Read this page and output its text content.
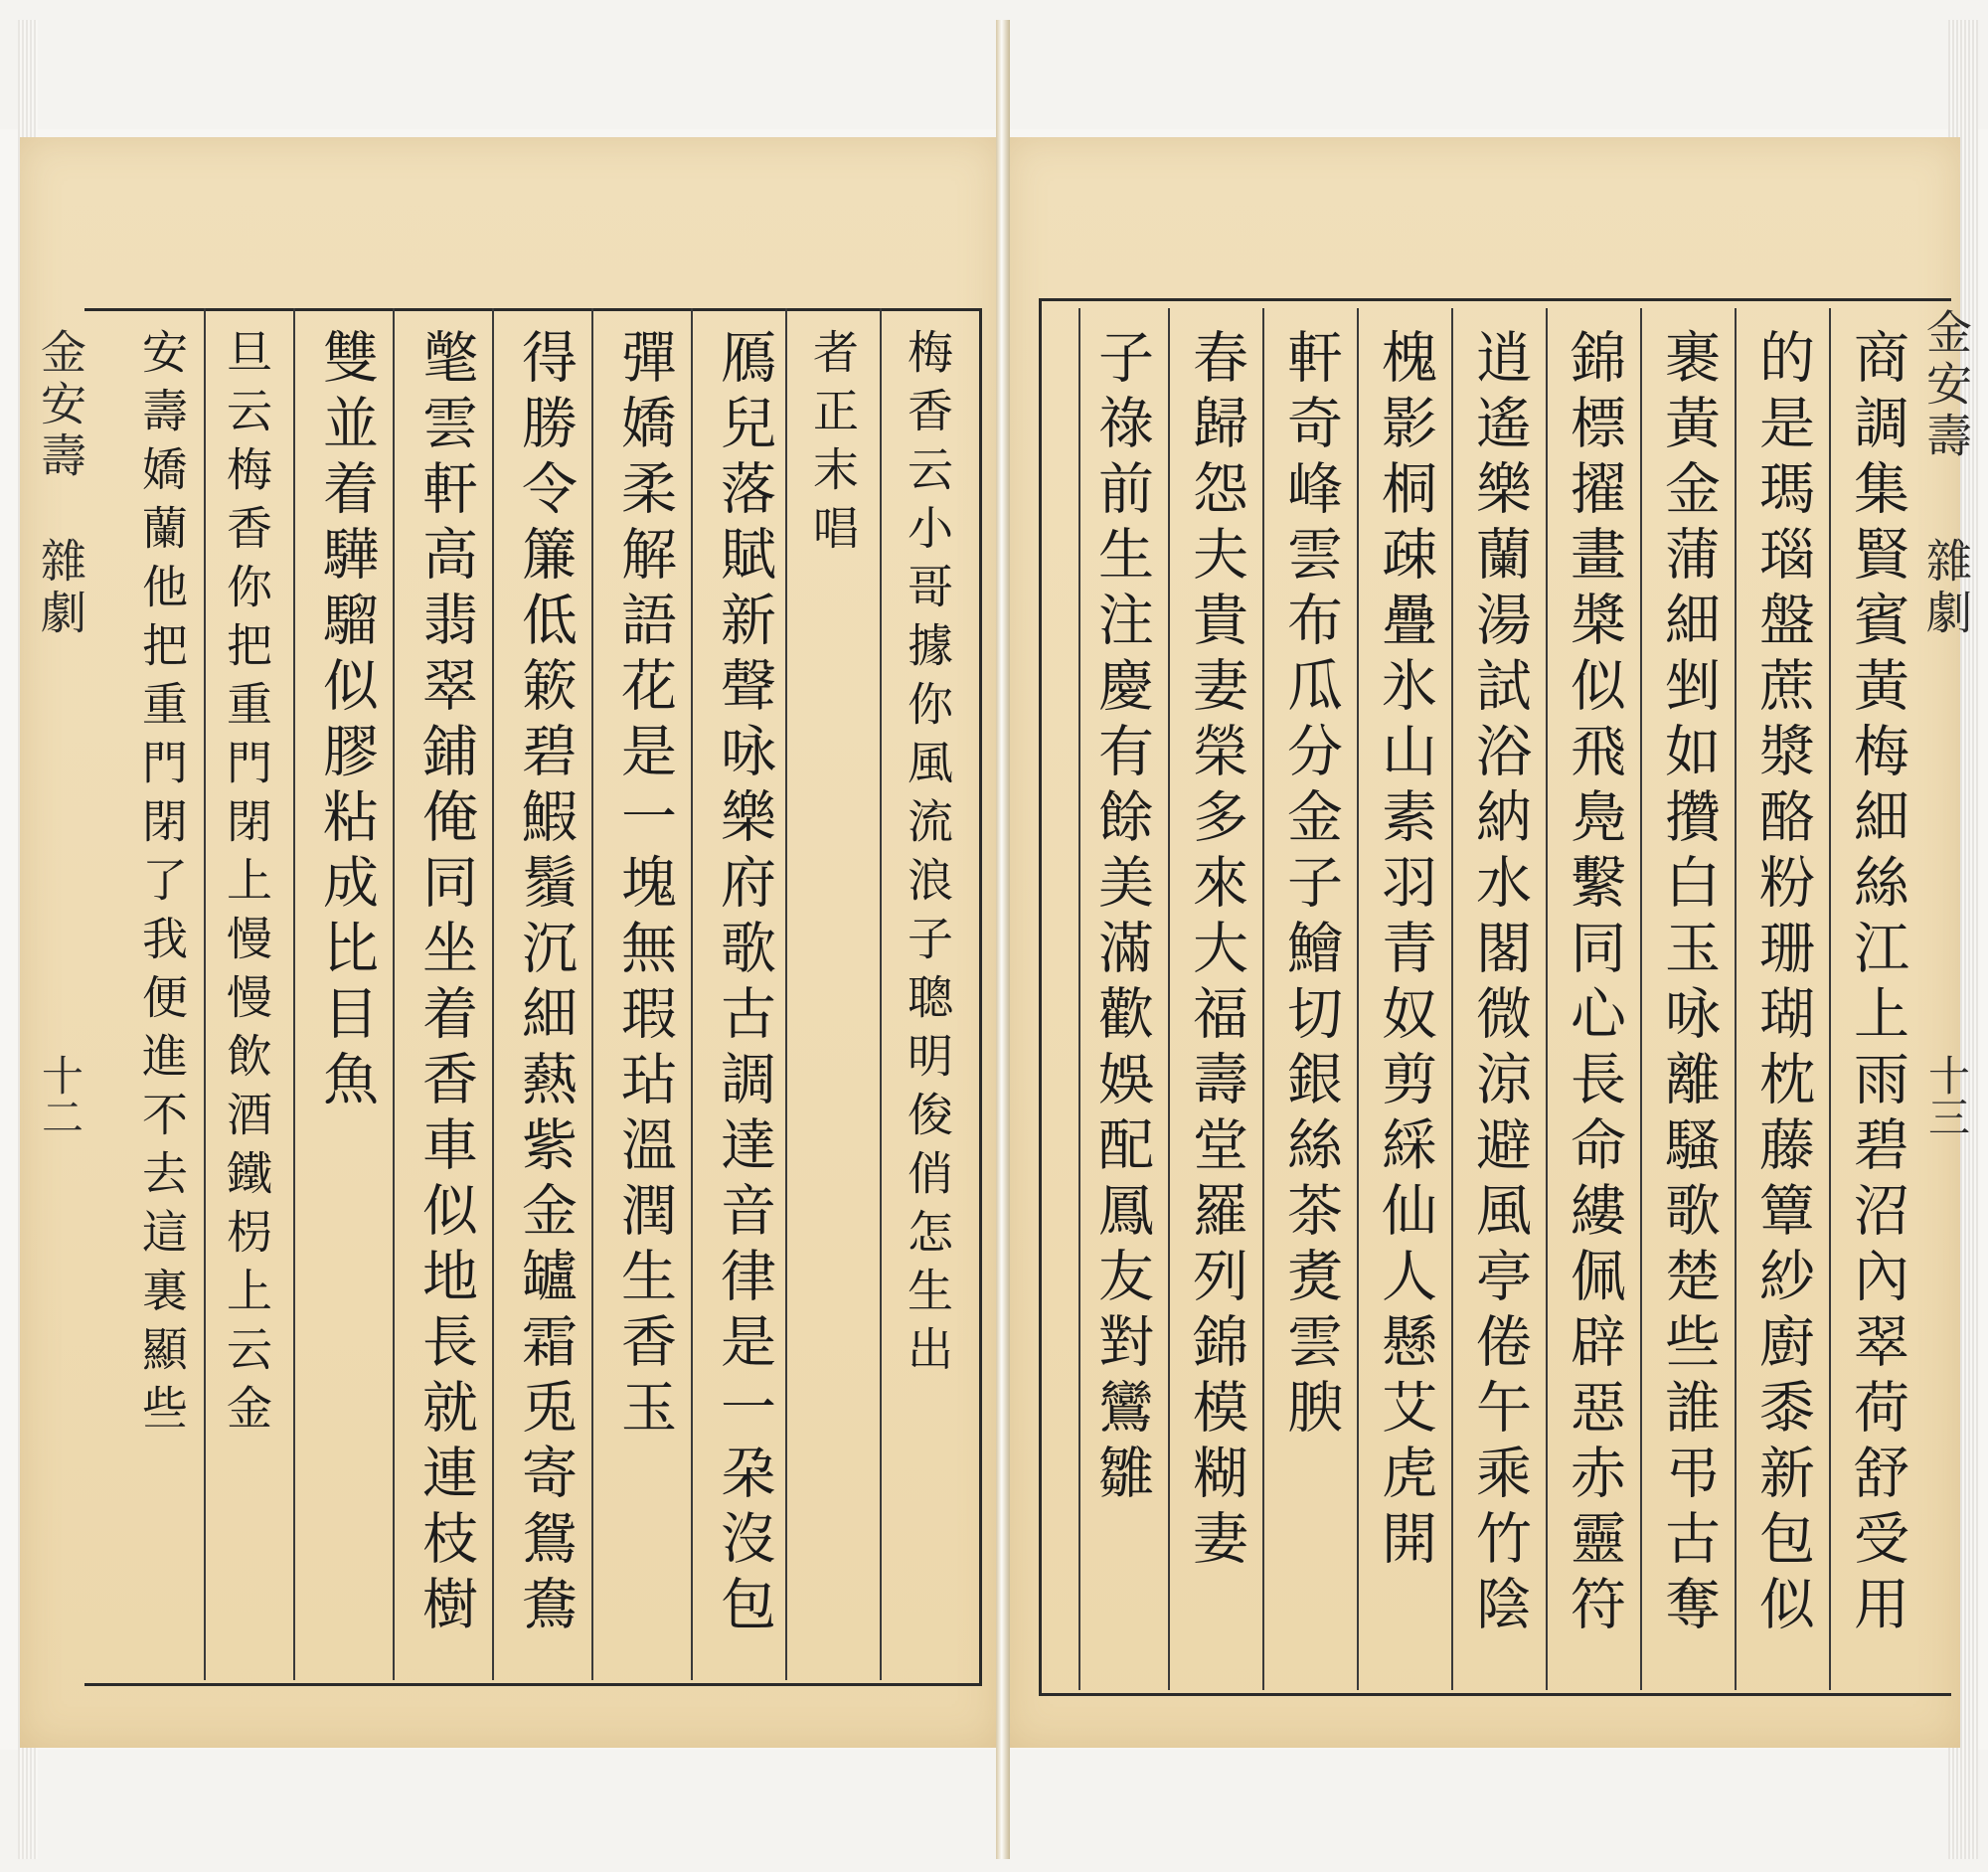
金安壽
雜劇
十二
金安壽
雜劇
十三
商調集賢賓黃梅細絲江上雨碧沼內翠荷舒受用
的是瑪瑙盤蔗漿酪粉珊瑚枕藤簟紗廚黍新包似
裹黃金蒲細剉如攢白玉咏離騷歌楚些誰弔古奪
錦標擢畫槳似飛鳧繫同心長命縷佩辟惡赤靈符
逍遙樂蘭湯試浴納水閣微涼避風亭倦午乘竹陰
槐影桐疎疊氷山素羽青奴剪綵仙人懸艾虎開
軒奇峰雲布瓜分金子鱠切銀絲茶煑雲腴
春歸怨夫貴妻榮多來大福壽堂羅列錦模糊妻
子祿前生注慶有餘美滿歡娛配鳳友對鸞雛
梅香云小哥據你風流浪子聰明俊俏怎生出
者正末唱
鴈兒落賦新聲咏樂府歌古調達音律是一朶沒包
彈嬌柔解語花是一塊無瑕玷溫潤生香玉
得勝令簾低簌碧鰕鬚沉細爇紫金罏霜兎寄鴛鴦
氅雲軒高翡翠鋪俺同坐着香車似地長就連枝樹
雙並着驊騮似膠粘成比目魚
旦云梅香你把重門閉上慢慢飲酒鐵枴上云金
安壽嬌蘭他把重門閉了我便進不去這裏顯些
